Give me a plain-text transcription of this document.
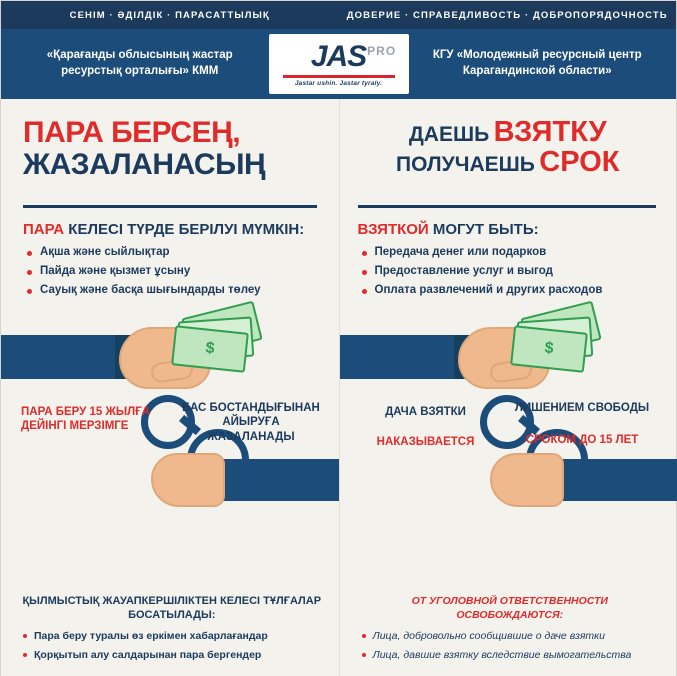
СЕНІМ · ӘДІЛДІК · ПАРАСАТТЫЛЫҚ	ДОВЕРИЕ · СПРАВЕДЛИВОСТЬ · ДОБРОПОРЯДОЧНОСТЬ
«Қарағанды облысының жастар ресурстық орталығы» КММ	JAS PRO
Jastar ushin. Jastar tyraly.
КГУ «Молодежный ресурсный центр Карагандинской области»
ПАРА БЕРСЕҢ,
ЖАЗАЛАНАСЫҢ
ПАРА КЕЛЕСІ ТҮРДЕ БЕРІЛУІ МҮМКІН:
Ақша және сыйлықтар
Пайда және қызмет ұсыну
Сауық және басқа шығындарды төлеу
$
ПАРА БЕРУ 15 ЖЫЛҒА ДЕЙІНГІ МЕРЗІМГЕ
БАС БОСТАНДЫҒЫНАН АЙЫРУҒА ЖАЗАЛАНАДЫ
ҚЫЛМЫСТЫҚ ЖАУАПКЕРШІЛІКТЕН КЕЛЕСІ ТҰЛҒАЛАР БОСАТЫЛАДЫ:
Пара беру туралы өз еркімен хабарлағандар
Қорқытып алу салдарынан пара бергендер
ДАЕШЬ ВЗЯТКУ
ПОЛУЧАЕШЬ СРОК
ВЗЯТКОЙ МОГУТ БЫТЬ:
Передача денег или подарков
Предоставление услуг и выгод
Оплата развлечений и других расходов
$
ДАЧА ВЗЯТКИ
НАКАЗЫВАЕТСЯ
ЛИШЕНИЕМ СВОБОДЫ
СРОКОМ ДО 15 ЛЕТ
ОТ УГОЛОВНОЙ ОТВЕТСТВЕННОСТИ ОСВОБОЖДАЮТСЯ:
Лица, добровольно сообщившие о даче взятки
Лица, давшие взятку вследствие вымогательства
